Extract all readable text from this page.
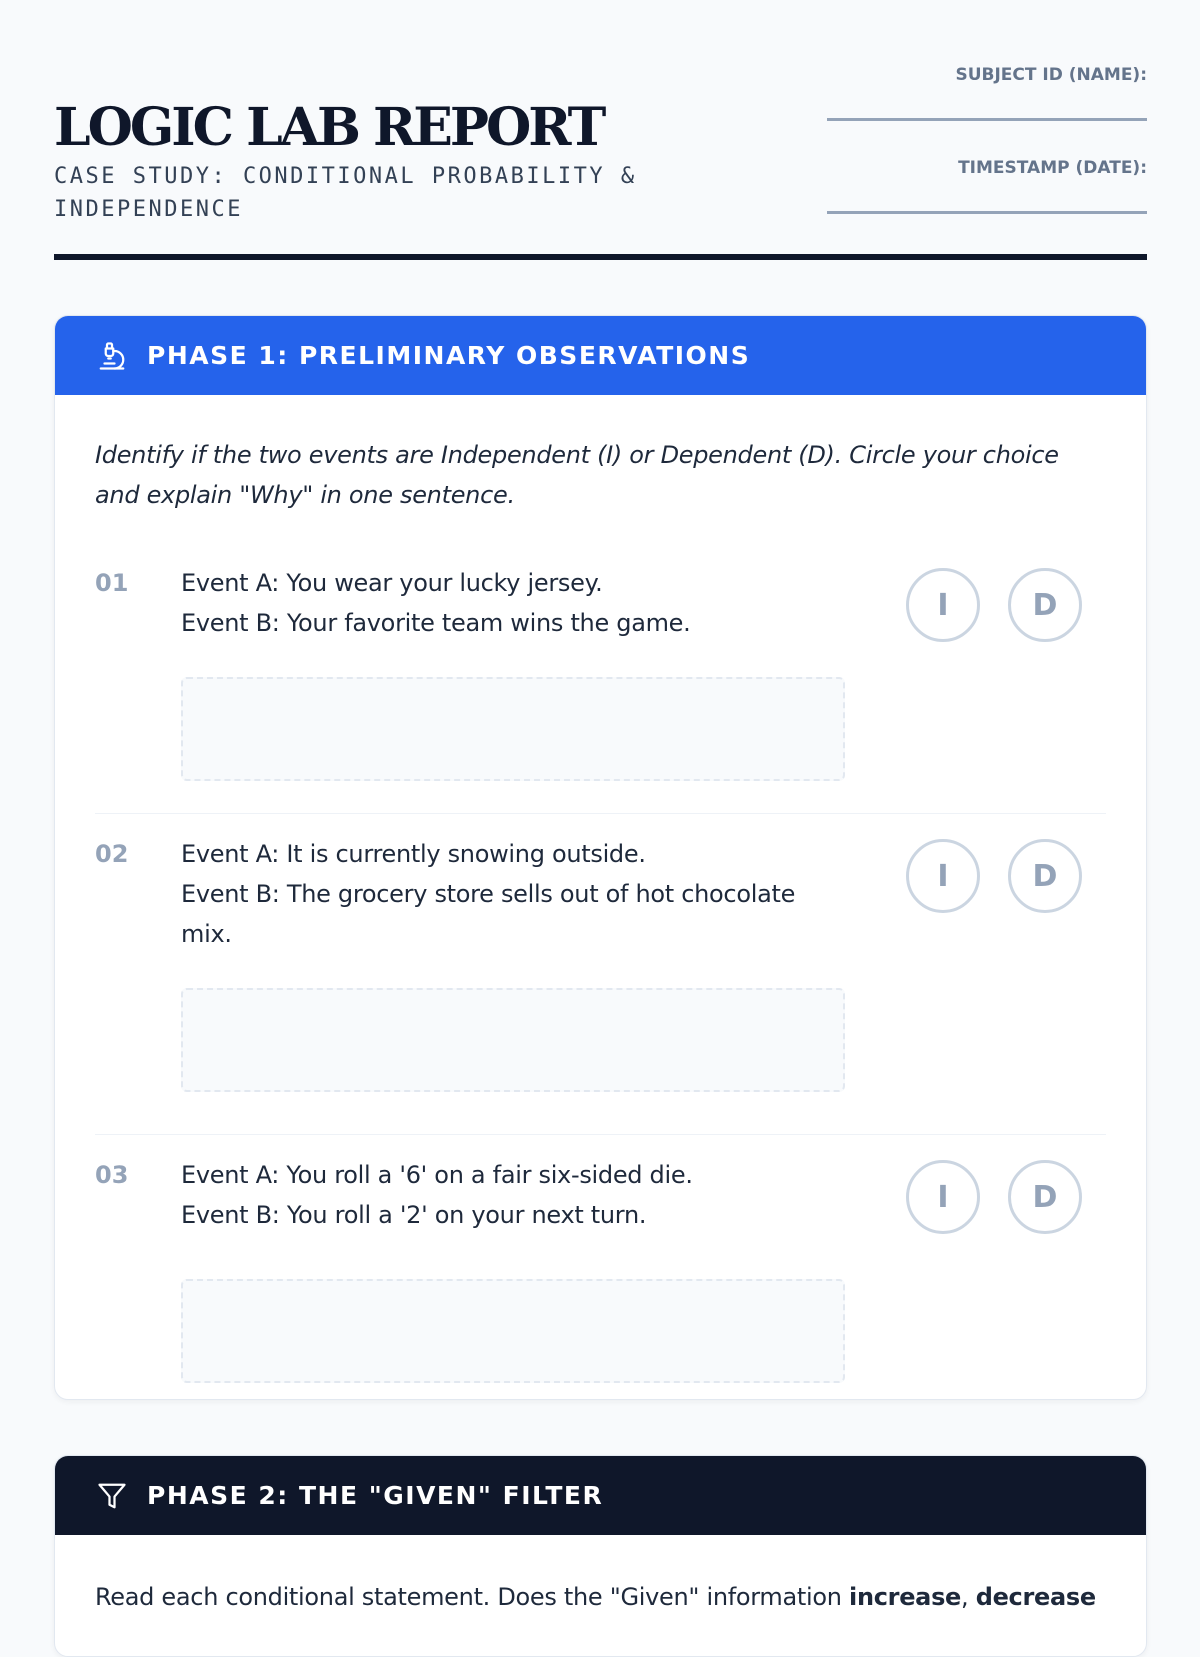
LOGIC LAB REPORT
CASE STUDY: CONDITIONAL PROBABILITY & INDEPENDENCE
SUBJECT ID (NAME):
TIMESTAMP (DATE):
PHASE 1: PRELIMINARY OBSERVATIONS

Identify if the two events are Independent (I) or Dependent (D). Circle your choice and explain "Why" in one sentence.

01 Event A: You wear your lucky jersey.
Event B: Your favorite team wins the game.
I	D
02 Event A: It is currently snowing outside.
Event B: The grocery store sells out of hot chocolate mix.
I	D
03 Event A: You roll a '6' on a fair six-sided die.
Event B: You roll a '2' on your next turn.
I	D
PHASE 2: THE "GIVEN" FILTER

Read each conditional statement. Does the "Given" information increase, decrease
